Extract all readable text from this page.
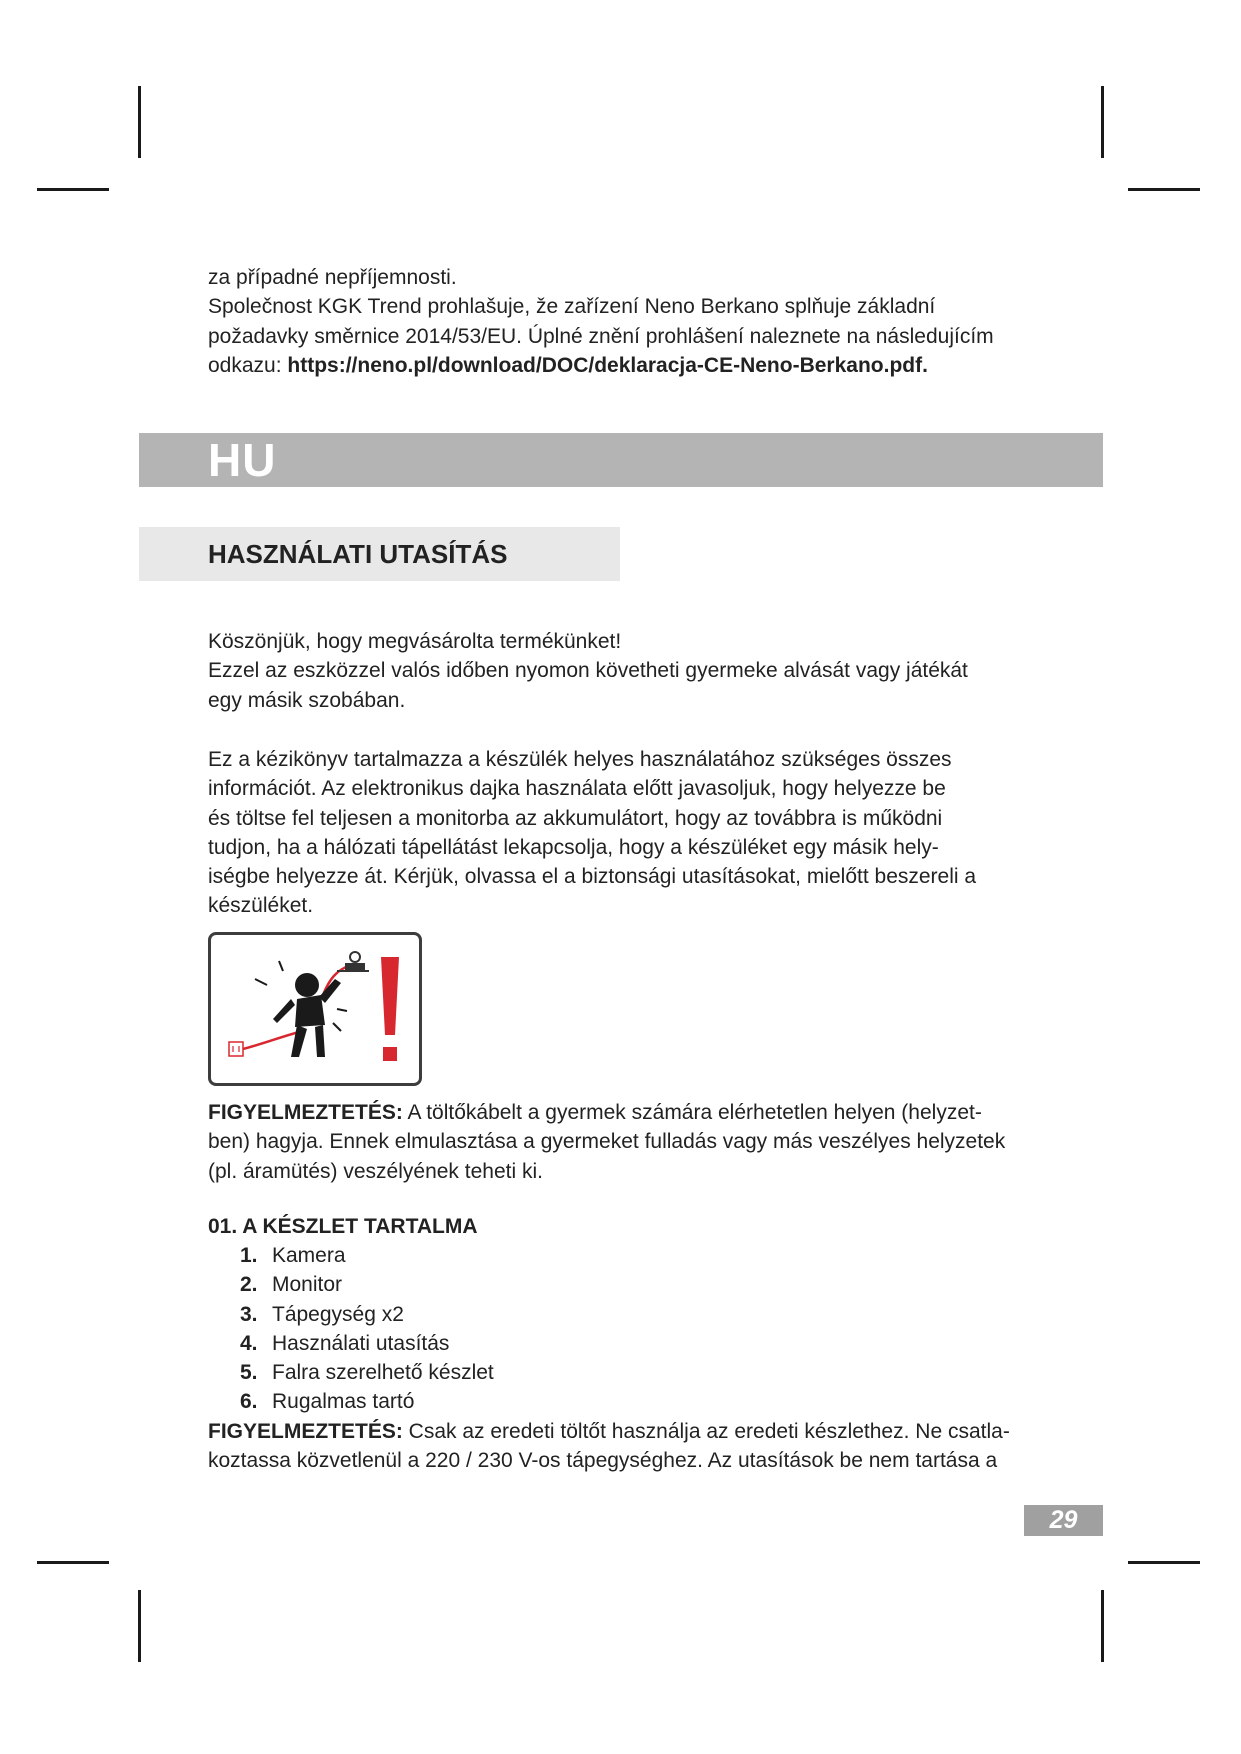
za případné nepříjemnosti.

Společnost KGK Trend prohlašuje, že zařízení Neno Berkano splňuje základní

požadavky směrnice 2014/53/EU. Úplné znění prohlášení naleznete na následujícím

odkazu: https://neno.pl/download/DOC/deklaracja-CE-Neno-Berkano.pdf.

HU
HASZNÁLATI UTASÍTÁS

Köszönjük, hogy megvásárolta termékünket!

Ezzel az eszközzel valós időben nyomon követheti gyermeke alvását vagy játékát

egy másik szobában.

Ez a kézikönyv tartalmazza a készülék helyes használatához szükséges összes

információt. Az elektronikus dajka használata előtt javasoljuk, hogy helyezze be

és töltse fel teljesen a monitorba az akkumulátort, hogy az továbbra is működni

tudjon, ha a hálózati tápellátást lekapcsolja, hogy a készüléket egy másik hely-

iségbe helyezze át. Kérjük, olvassa el a biztonsági utasításokat, mielőtt beszereli a

készüléket.

FIGYELMEZTETÉS: A töltőkábelt a gyermek számára elérhetetlen helyen (helyzet-

ben) hagyja. Ennek elmulasztása a gyermeket fulladás vagy más veszélyes helyzetek

(pl. áramütés) veszélyének teheti ki.

01. A KÉSZLET TARTALMA
1. Kamera
2. Monitor
3. Tápegység x2
4. Használati utasítás
5. Falra szerelhető készlet
6. Rugalmas tartó

FIGYELMEZTETÉS: Csak az eredeti töltőt használja az eredeti készlethez. Ne csatla-

koztassa közvetlenül a 220 / 230 V-os tápegységhez. Az utasítások be nem tartása a

29
